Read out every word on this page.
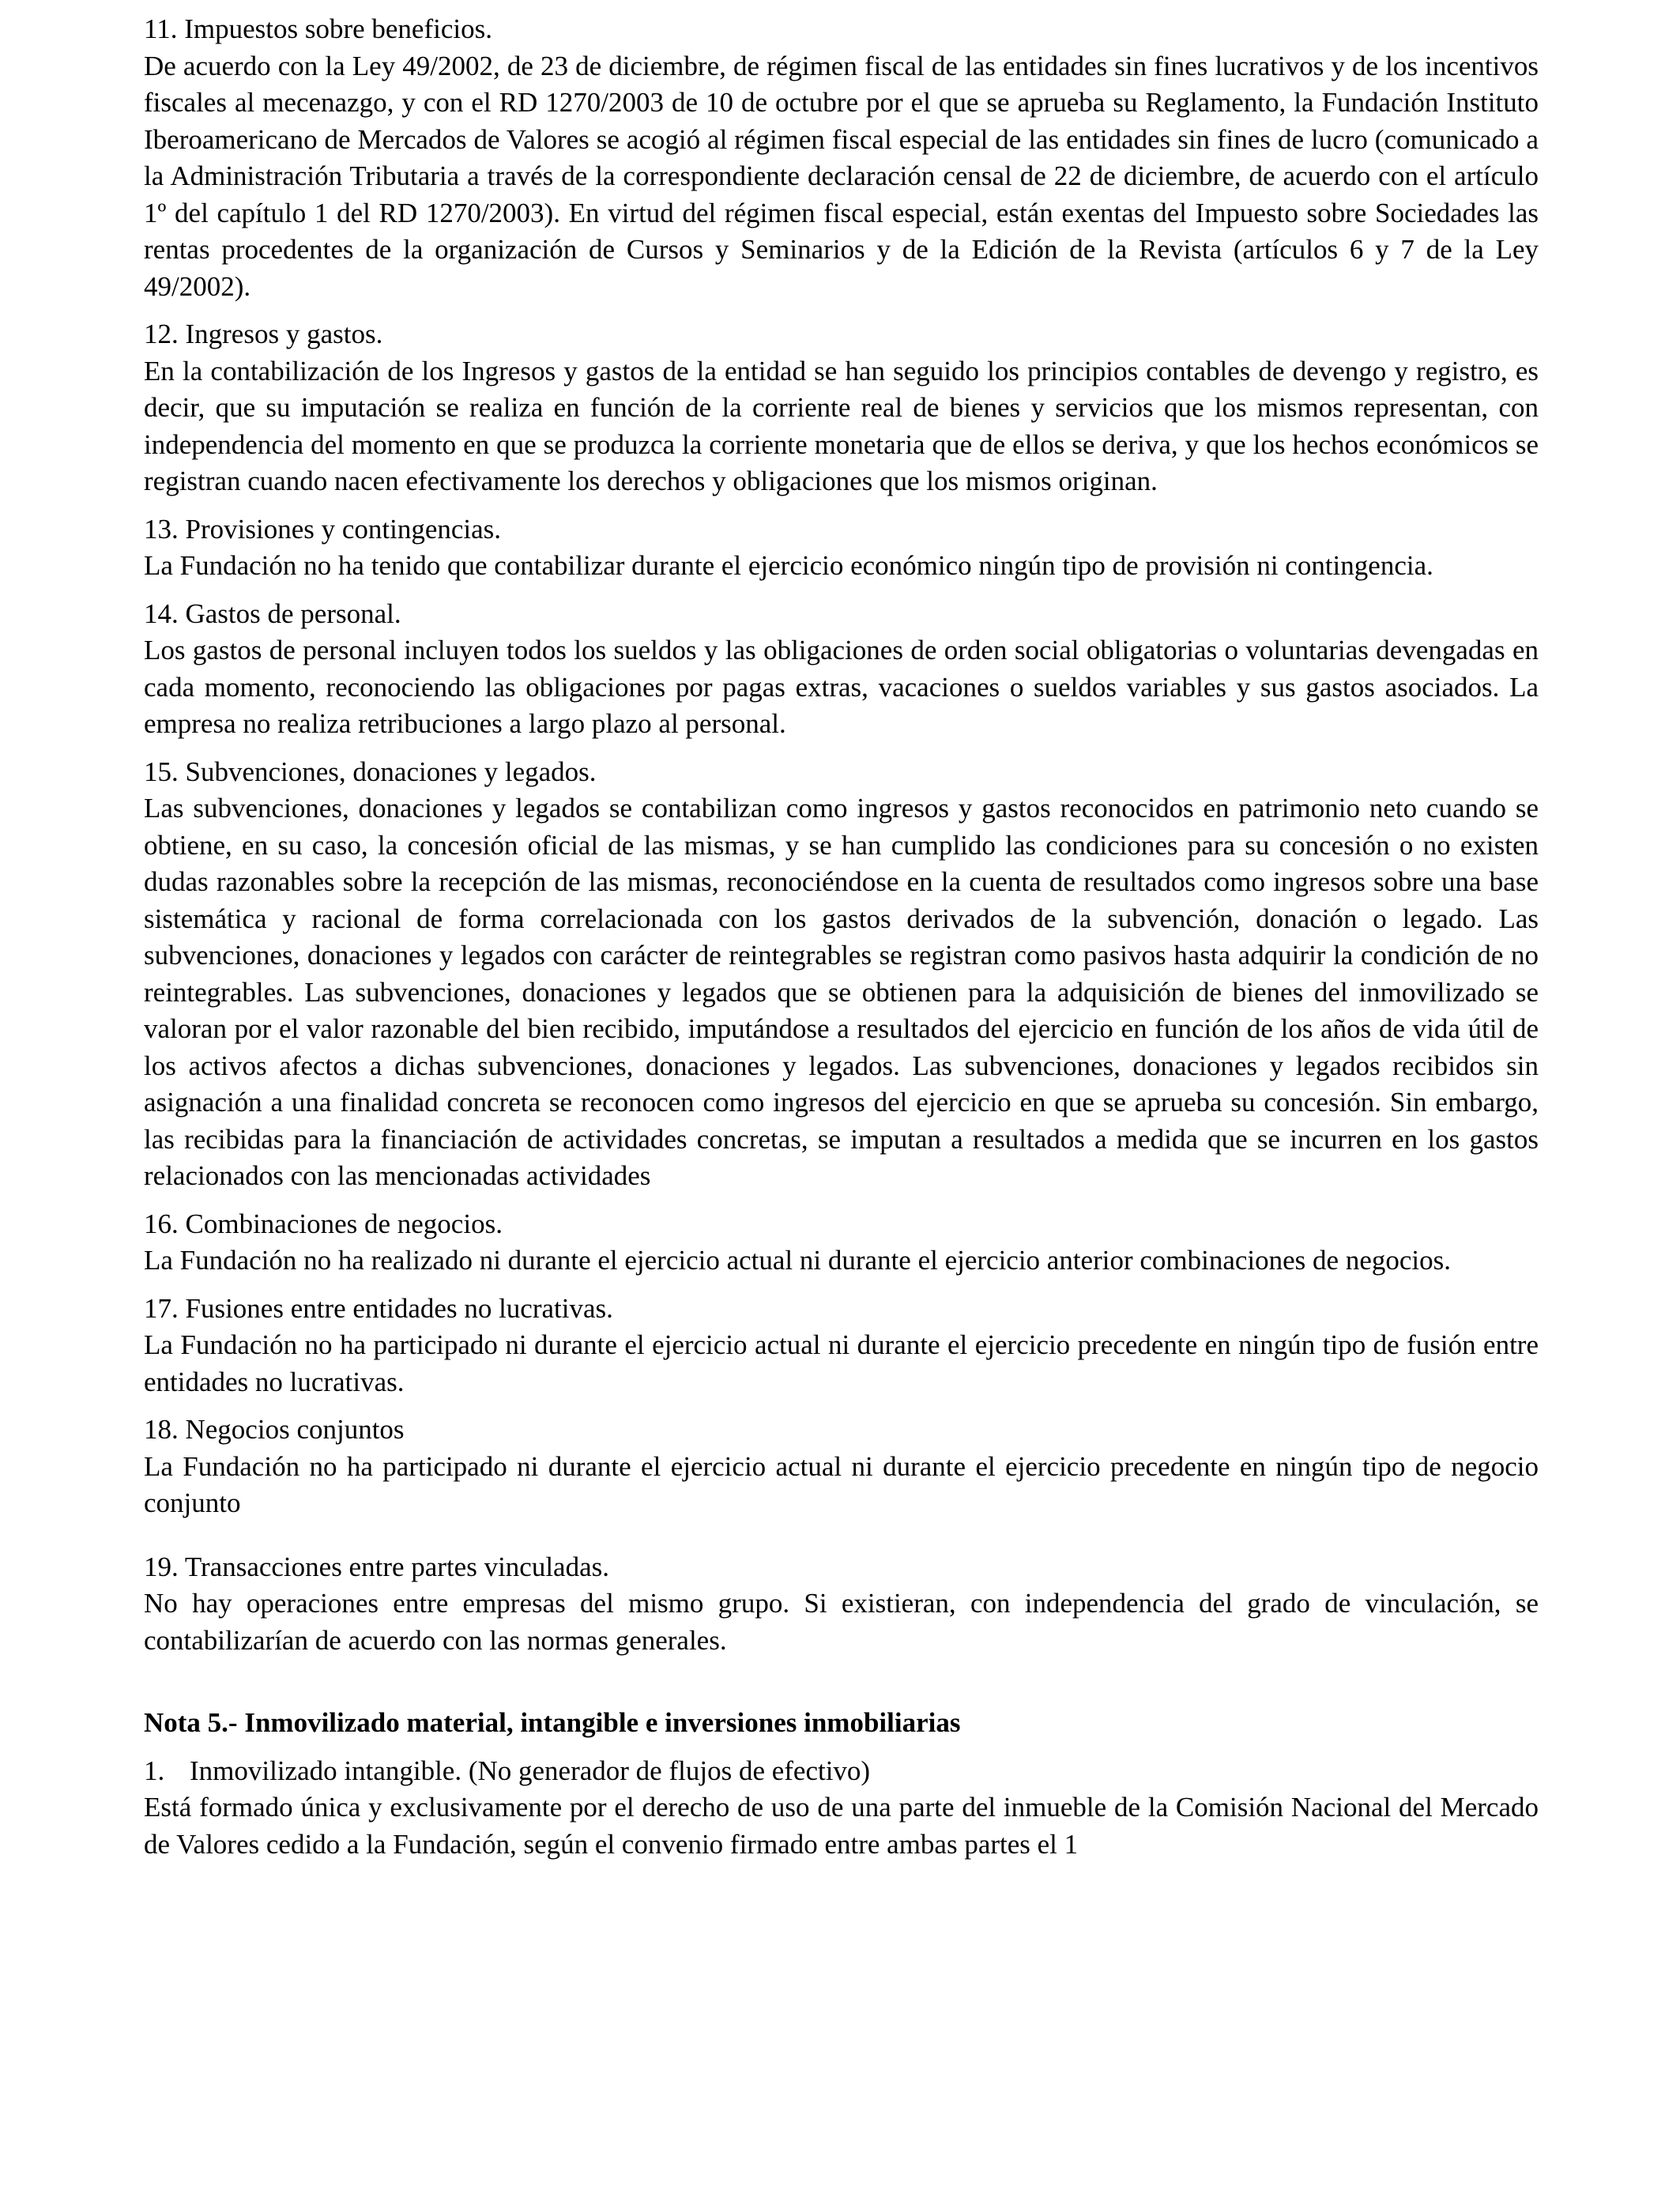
11. Impuestos sobre beneficios.

De acuerdo con la Ley 49/2002, de 23 de diciembre, de régimen fiscal de las entidades sin fines lucrativos y de los incentivos fiscales al mecenazgo, y con el RD 1270/2003 de 10 de octubre por el que se aprueba su Reglamento, la Fundación Instituto Iberoamericano de Mercados de Valores se acogió al régimen fiscal especial de las entidades sin fines de lucro (comunicado a la Administración Tributaria a través de la correspondiente declaración censal de 22 de diciembre, de acuerdo con el artículo 1º del capítulo 1 del RD 1270/2003). En virtud del régimen fiscal especial, están exentas del Impuesto sobre Sociedades las rentas procedentes de la organización de Cursos y Seminarios y de la Edición de la Revista (artículos 6 y 7 de la Ley 49/2002).

12. Ingresos y gastos.

En la contabilización de los Ingresos y gastos de la entidad se han seguido los principios contables de devengo y registro, es decir, que su imputación se realiza en función de la corriente real de bienes y servicios que los mismos representan, con independencia del momento en que se produzca la corriente monetaria que de ellos se deriva, y que los hechos económicos se registran cuando nacen efectivamente los derechos y obligaciones que los mismos originan.

13. Provisiones y contingencias.

La Fundación no ha tenido que contabilizar durante el ejercicio económico ningún tipo de provisión ni contingencia.

14. Gastos de personal.

Los gastos de personal incluyen todos los sueldos y las obligaciones de orden social obligatorias o voluntarias devengadas en cada momento, reconociendo las obligaciones por pagas extras, vacaciones o sueldos variables y sus gastos asociados. La empresa no realiza retribuciones a largo plazo al personal.

15. Subvenciones, donaciones y legados.

Las subvenciones, donaciones y legados se contabilizan como ingresos y gastos reconocidos en patrimonio neto cuando se obtiene, en su caso, la concesión oficial de las mismas, y se han cumplido las condiciones para su concesión o no existen dudas razonables sobre la recepción de las mismas, reconociéndose en la cuenta de resultados como ingresos sobre una base sistemática y racional de forma correlacionada con los gastos derivados de la subvención, donación o legado. Las subvenciones, donaciones y legados con carácter de reintegrables se registran como pasivos hasta adquirir la condición de no reintegrables. Las subvenciones, donaciones y legados que se obtienen para la adquisición de bienes del inmovilizado se valoran por el valor razonable del bien recibido, imputándose a resultados del ejercicio en función de los años de vida útil de los activos afectos a dichas subvenciones, donaciones y legados. Las subvenciones, donaciones y legados recibidos sin asignación a una finalidad concreta se reconocen como ingresos del ejercicio en que se aprueba su concesión. Sin embargo, las recibidas para la financiación de actividades concretas, se imputan a resultados a medida que se incurren en los gastos relacionados con las mencionadas actividades

16. Combinaciones de negocios.

La Fundación no ha realizado ni durante el ejercicio actual ni durante el ejercicio anterior combinaciones de negocios.

17. Fusiones entre entidades no lucrativas.

La Fundación no ha participado ni durante el ejercicio actual ni durante el ejercicio precedente en ningún tipo de fusión entre entidades no lucrativas.

18. Negocios conjuntos

La Fundación no ha participado ni durante el ejercicio actual ni durante el ejercicio precedente en ningún tipo de negocio conjunto

19. Transacciones entre partes vinculadas.

No hay operaciones entre empresas del mismo grupo. Si existieran, con independencia del grado de vinculación, se contabilizarían de acuerdo con las normas generales.

Nota 5.- Inmovilizado material, intangible e inversiones inmobiliarias
1. Inmovilizado intangible. (No generador de flujos de efectivo)

Está formado única y exclusivamente por el derecho de uso de una parte del inmueble de la Comisión Nacional del Mercado de Valores cedido a la Fundación, según el convenio firmado entre ambas partes el 1
